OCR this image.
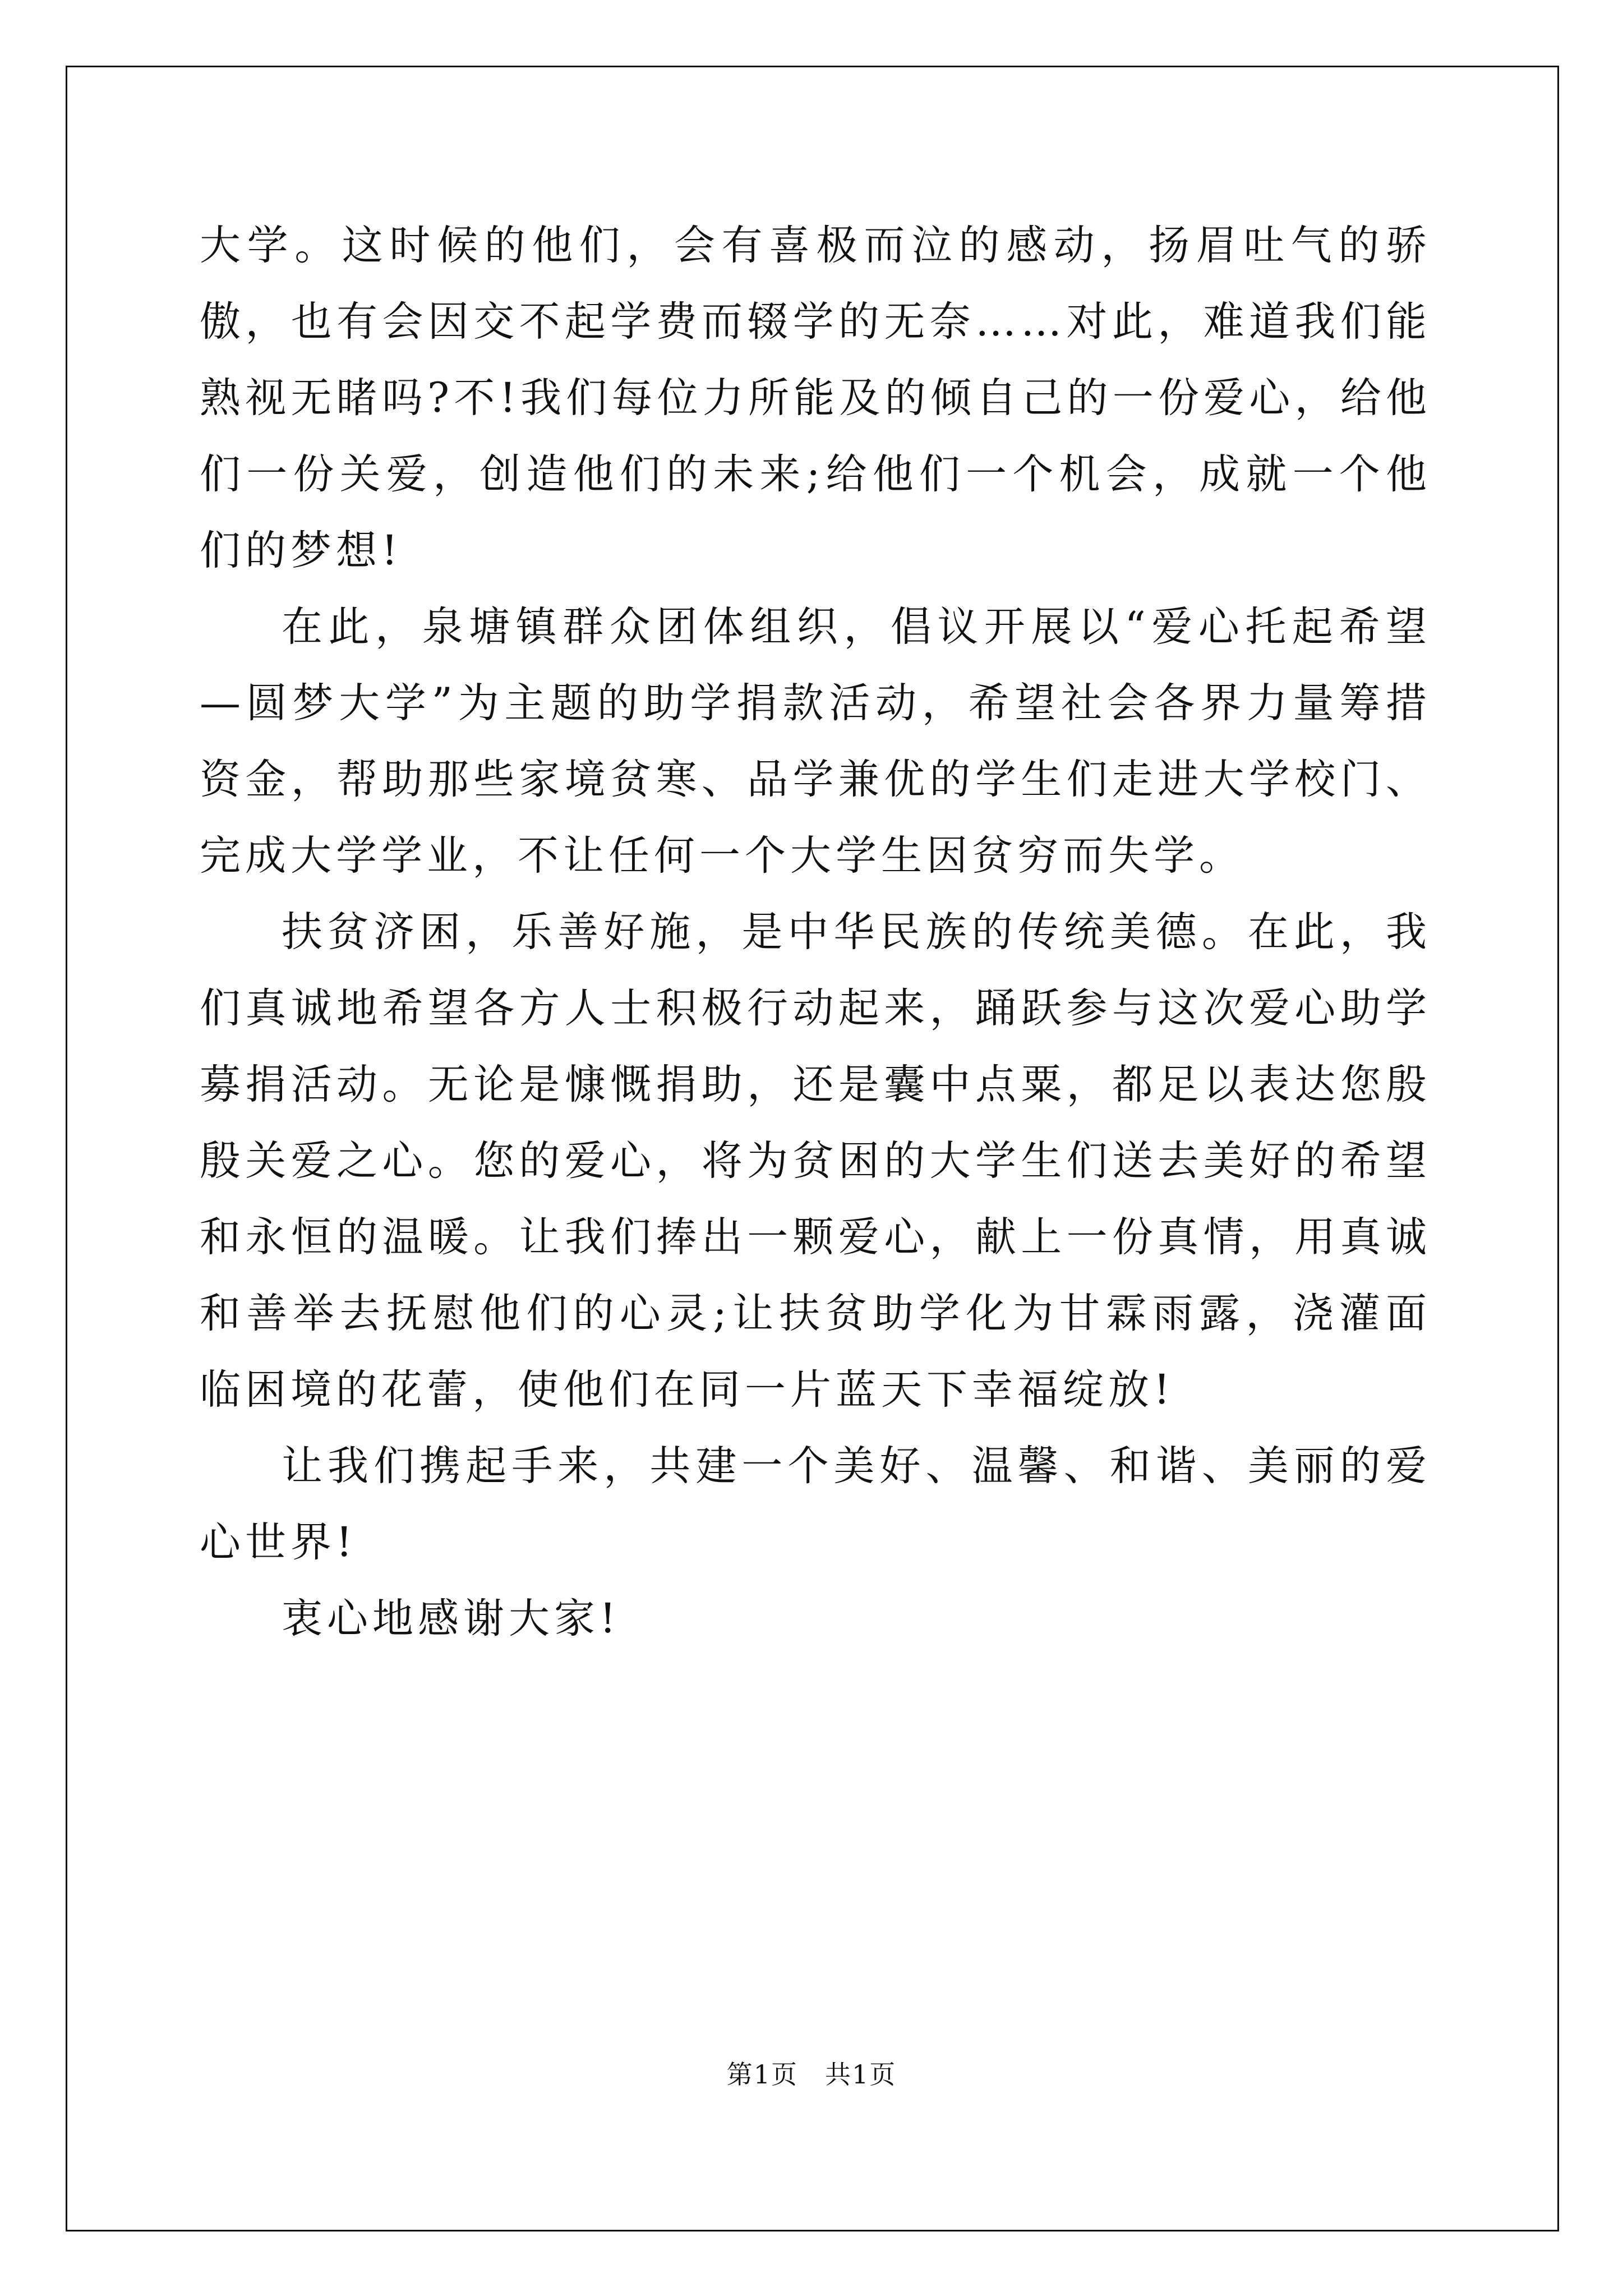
大学。这时候的他们，会有喜极而泣的感动，扬眉吐气的骄傲，也有会因交不起学费而辍学的无奈……对此，难道我们能熟视无睹吗?不!我们每位力所能及的倾自己的一份爱心，给他们一份关爱，创造他们的未来;给他们一个机会，成就一个他们的梦想!

在此，泉塘镇群众团体组织，倡议开展以“爱心托起希望—圆梦大学”为主题的助学捐款活动，希望社会各界力量筹措资金，帮助那些家境贫寒、品学兼优的学生们走进大学校门、完成大学学业，不让任何一个大学生因贫穷而失学。

扶贫济困，乐善好施，是中华民族的传统美德。在此，我们真诚地希望各方人士积极行动起来，踊跃参与这次爱心助学募捐活动。无论是慷慨捐助，还是囊中点粟，都足以表达您殷殷关爱之心。您的爱心，将为贫困的大学生们送去美好的希望和永恒的温暖。让我们捧出一颗爱心，献上一份真情，用真诚和善举去抚慰他们的心灵;让扶贫助学化为甘霖雨露，浇灌面临困境的花蕾，使他们在同一片蓝天下幸福绽放!

让我们携起手来，共建一个美好、温馨、和谐、美丽的爱心世界!

衷心地感谢大家!

第1页　共1页
